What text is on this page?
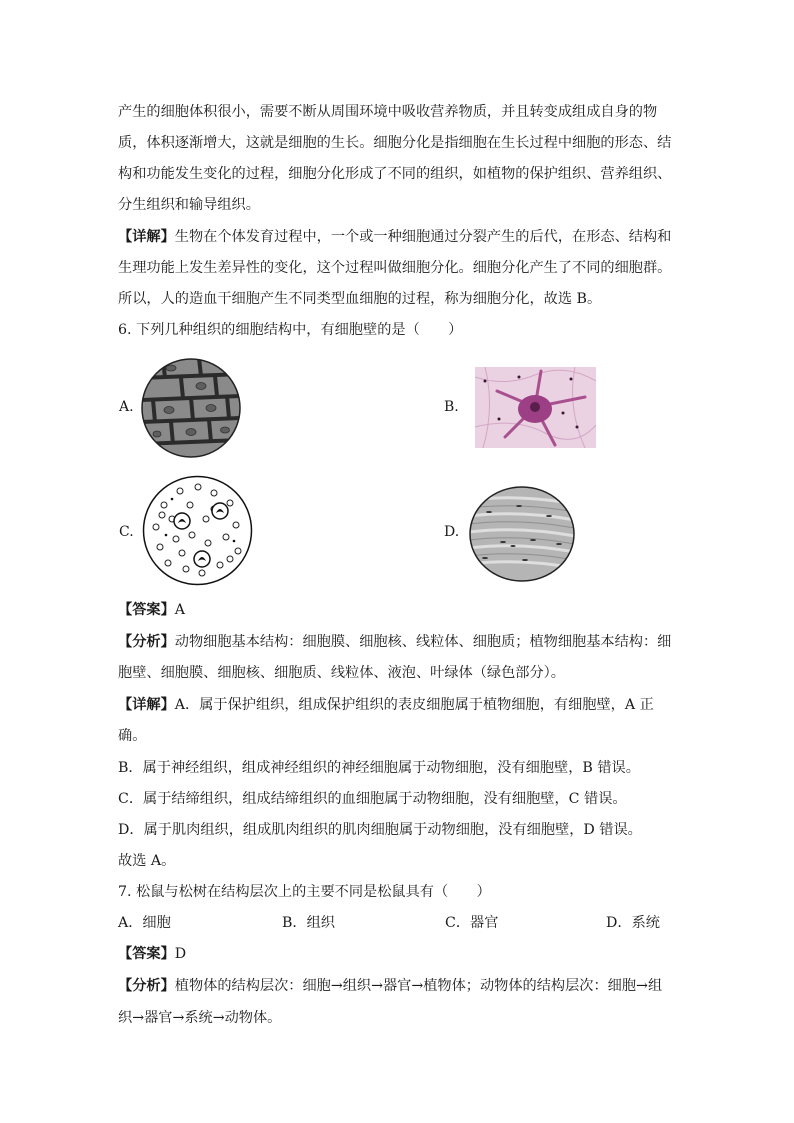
产生的细胞体积很小，需要不断从周围环境中吸收营养物质，并且转变成组成自身的物
质，体积逐渐增大，这就是细胞的生长。细胞分化是指细胞在生长过程中细胞的形态、结
构和功能发生变化的过程，细胞分化形成了不同的组织，如植物的保护组织、营养组织、
分生组织和输导组织。
【详解】生物在个体发育过程中，一个或一种细胞通过分裂产生的后代，在形态、结构和
生理功能上发生差异性的变化，这个过程叫做细胞分化。细胞分化产生了不同的细胞群。
所以，人的造血干细胞产生不同类型血细胞的过程，称为细胞分化，故选 B。
6. 下列几种组织的细胞结构中，有细胞壁的是（　　）
A.	B.
C.	D.
【答案】A
【分析】动物细胞基本结构：细胞膜、细胞核、线粒体、细胞质；植物细胞基本结构：细
胞壁、细胞膜、细胞核、细胞质、线粒体、液泡、叶绿体（绿色部分）。
【详解】A．属于保护组织，组成保护组织的表皮细胞属于植物细胞，有细胞壁，A 正
确。
B．属于神经组织，组成神经组织的神经细胞属于动物细胞，没有细胞壁，B 错误。
C．属于结缔组织，组成结缔组织的血细胞属于动物细胞，没有细胞壁，C 错误。
D．属于肌肉组织，组成肌肉组织的肌肉细胞属于动物细胞，没有细胞壁，D 错误。
故选 A。
7. 松鼠与松树在结构层次上的主要不同是松鼠具有（　　）
A．细胞	B．组织	C．器官	D．系统
【答案】D
【分析】植物体的结构层次：细胞→组织→器官→植物体；动物体的结构层次：细胞→组
织→器官→系统→动物体。
